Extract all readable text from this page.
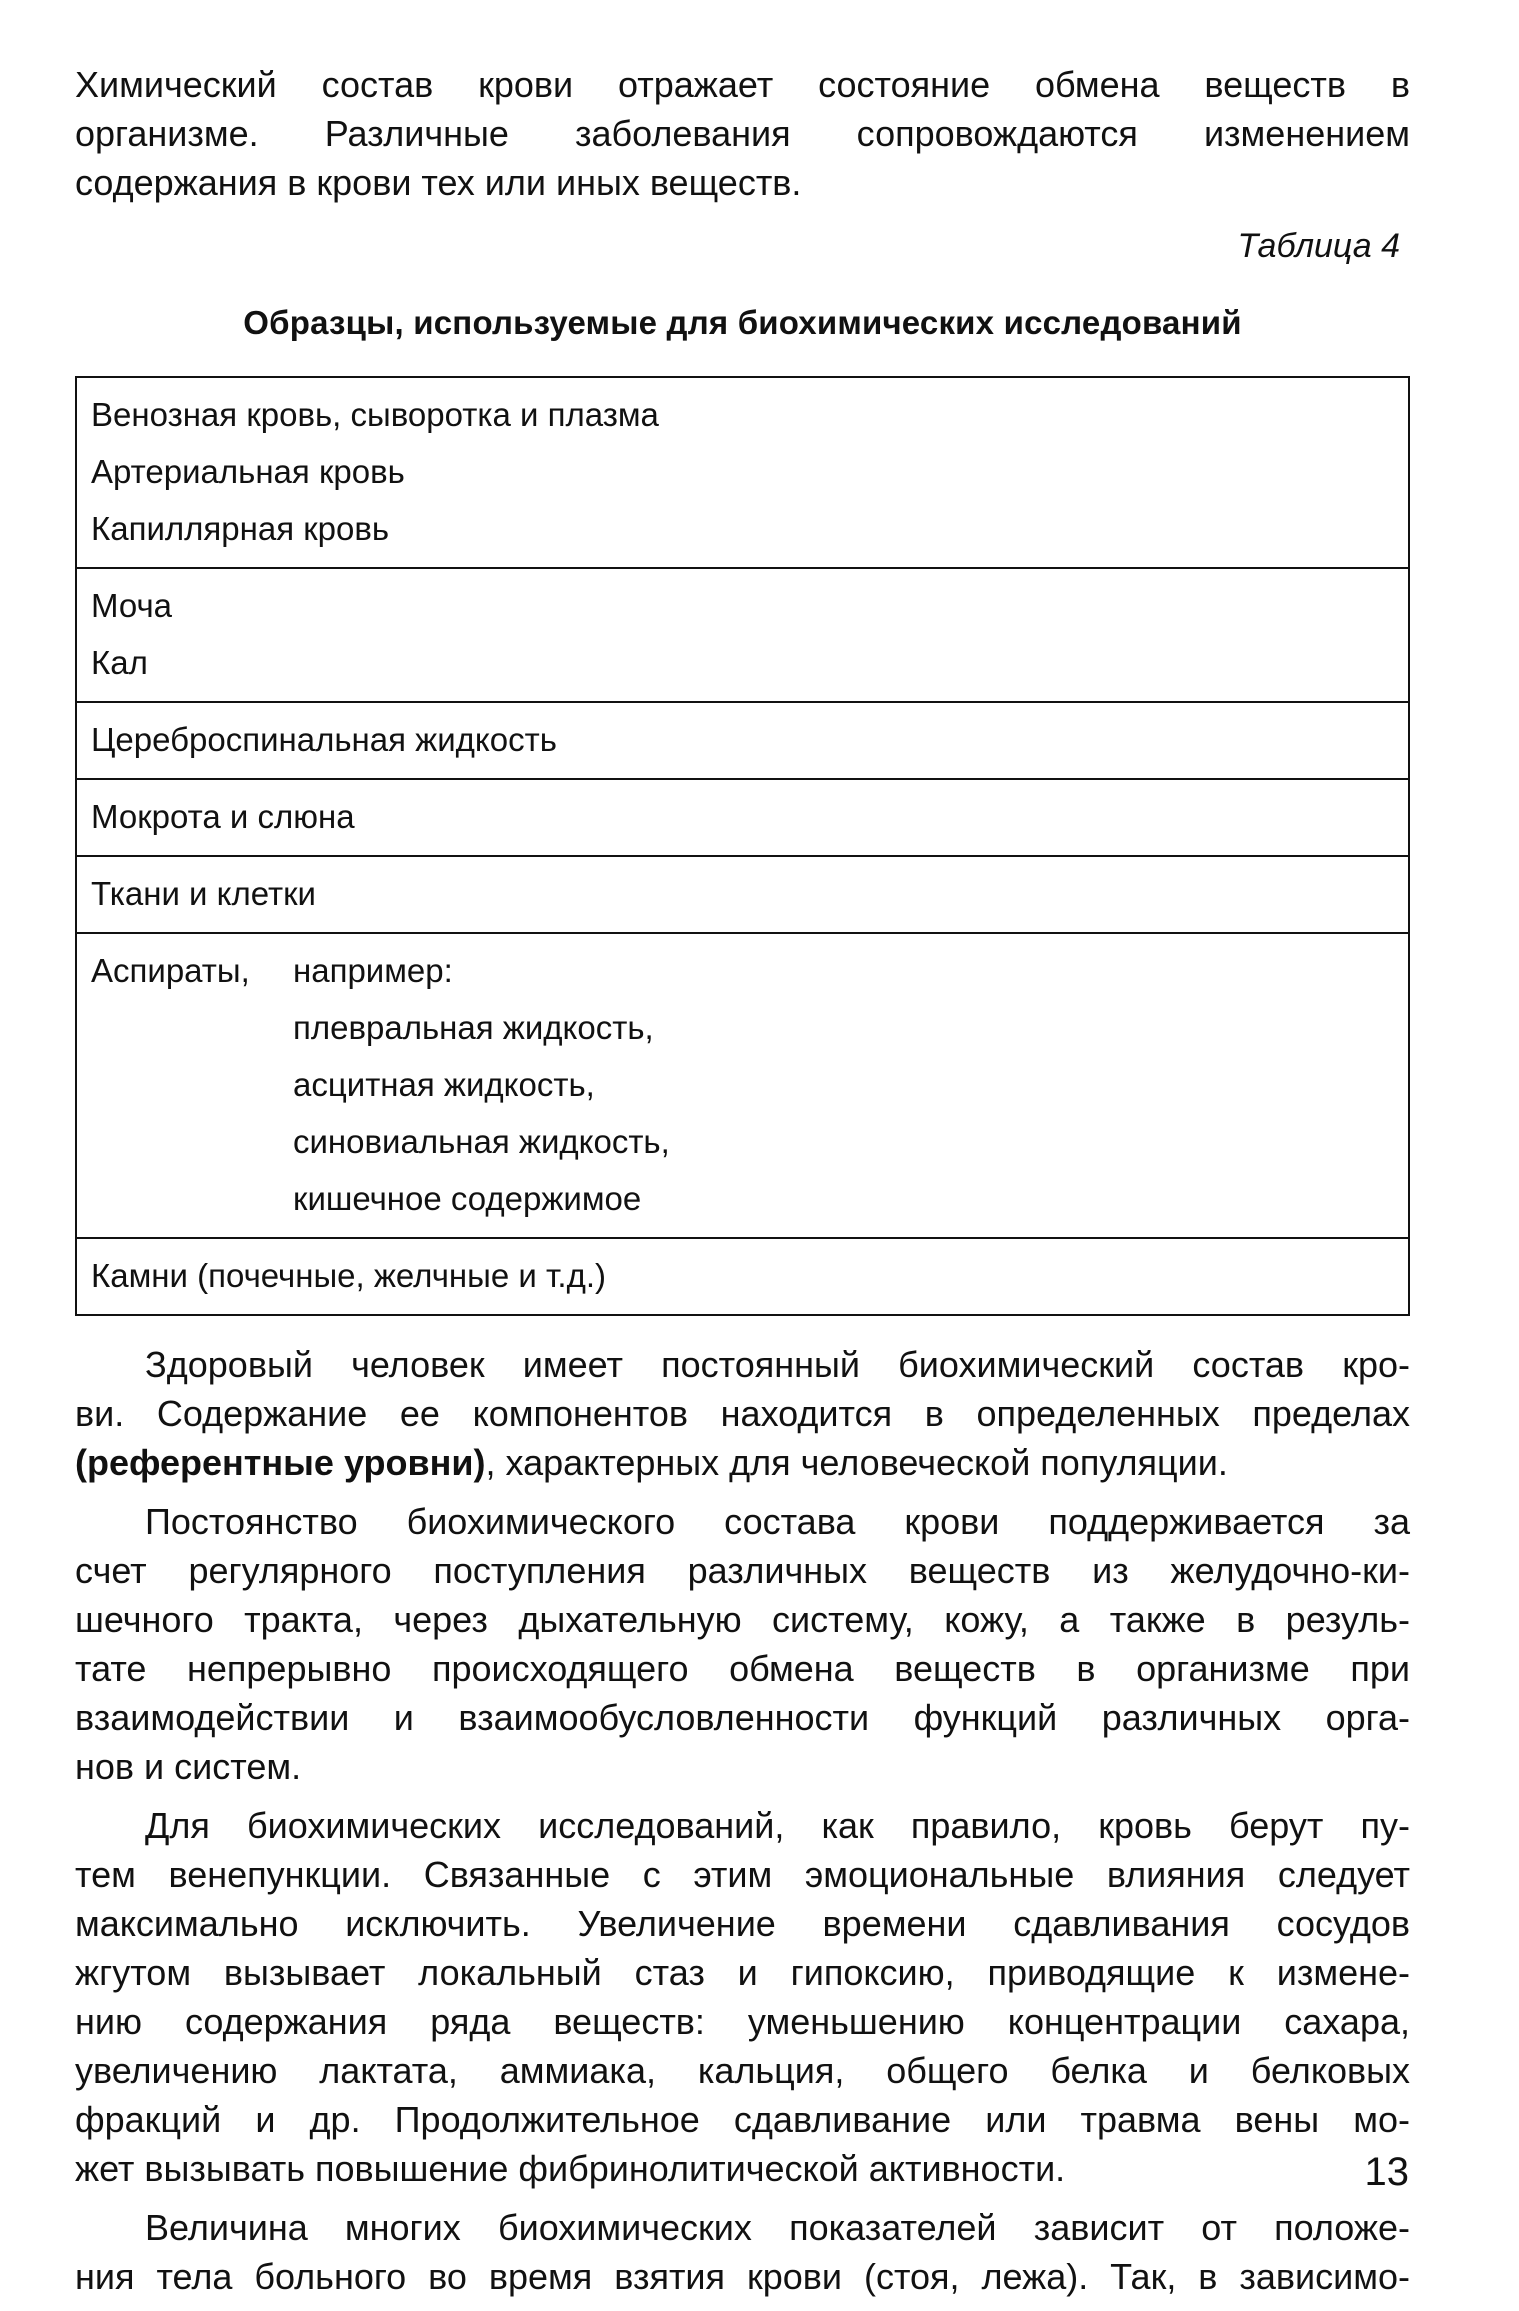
Химический состав крови отражает состояние обмена веществ в
организме. Различные заболевания сопровождаются изменением
содержания в крови тех или иных веществ.

Таблица 4
Образцы, используемые для биохимических исследований
Венозная кровь, сыворотка и плазма
Артериальная кровь
Капиллярная кровь

Моча
Кал

Цереброспинальная жидкость

Мокрота и слюна

Ткани и клетки

Аспираты,	например:
плевральная жидкость,
асцитная жидкость,
синовиальная жидкость,
кишечное содержимое

Камни (почечные, желчные и т.д.)

Здоровый человек имеет постоянный биохимический состав кро-
ви. Содержание ее компонентов находится в определенных пределах
(референтные уровни), характерных для человеческой популяции.

Постоянство биохимического состава крови поддерживается за
счет регулярного поступления различных веществ из желудочно-ки-
шечного тракта, через дыхательную систему, кожу, а также в резуль-
тате непрерывно происходящего обмена веществ в организме при
взаимодействии и взаимообусловленности функций различных орга-
нов и систем.

Для биохимических исследований, как правило, кровь берут пу-
тем венепункции. Связанные с этим эмоциональные влияния следует
максимально исключить. Увеличение времени сдавливания сосудов
жгутом вызывает локальный стаз и гипоксию, приводящие к измене-
нию содержания ряда веществ: уменьшению концентрации сахара,
увеличению лактата, аммиака, кальция, общего белка и белковых
фракций и др. Продолжительное сдавливание или травма вены мо-
жет вызывать повышение фибринолитической активности.

Величина многих биохимических показателей зависит от положе-
ния тела больного во время взятия крови (стоя, лежа). Так, в зависимо-

13
